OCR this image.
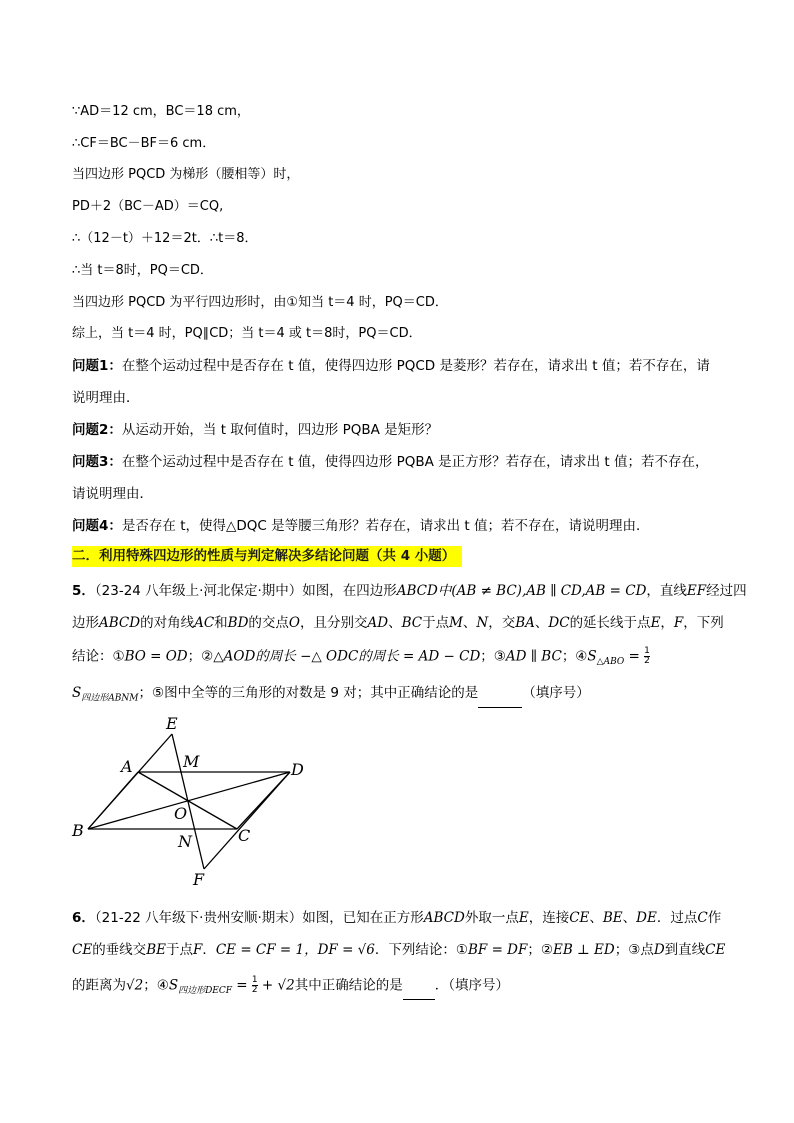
∵AD＝12 cm，BC＝18 cm，
∴CF＝BC－BF＝6 cm．
当四边形 PQCD 为梯形（腰相等）时，
PD＋2（BC－AD）＝CQ,
∴（12－t）＋12＝2t．∴t＝8．
∴当 t＝8时，PQ＝CD．
当四边形 PQCD 为平行四边形时，由①知当 t＝4 时，PQ＝CD．
综上，当 t＝4 时，PQ∥CD；当 t＝4 或 t＝8时，PQ＝CD．
问题1：在整个运动过程中是否存在 t 值，使得四边形 PQCD 是菱形？若存在，请求出 t 值；若不存在，请
说明理由．
问题2：从运动开始，当 t 取何值时，四边形 PQBA 是矩形？
问题3：在整个运动过程中是否存在 t 值，使得四边形 PQBA 是正方形？若存在，请求出 t 值；若不存在，
请说明理由．
问题4：是否存在 t，使得△DQC 是等腰三角形？若存在，请求出 t 值；若不存在，请说明理由．
二．利用特殊四边形的性质与判定解决多结论问题（共 4 小题）
5．（23-24 八年级上·河北保定·期中）如图，在四边形ABCD中(AB ≠ BC),AB ∥ CD,AB = CD，直线EF经过四
边形ABCD的对角线AC和BD的交点O，且分别交AD、BC于点M、N，交BA、DC的延长线于点E，F，下列
结论：①BO = OD；②△AOD的周长 −△ ODC的周长 = AD − CD；③AD ∥ BC；$④S_{\triangle ABO} = \frac{1}{2}$
$S_{四边形ABNM}$；⑤图中全等的三角形的对数是 9 对；其中正确结论的是	（填序号）
E
M
A	D
O
B	C
N
F
6．（21-22 八年级下·贵州安顺·期末）如图，已知在正方形ABCD外取一点E，连接CE、BE、DE．过点C作
CE的垂线交BE于点F．CE = CF = 1，DF = √6．下列结论：①BF = DF；②EB ⊥ ED；③点D到直线CE
的距离为√2；$④S_{四边形DECF} = \frac{1}{2} + √2$其中正确结论的是 ．（填序号）
